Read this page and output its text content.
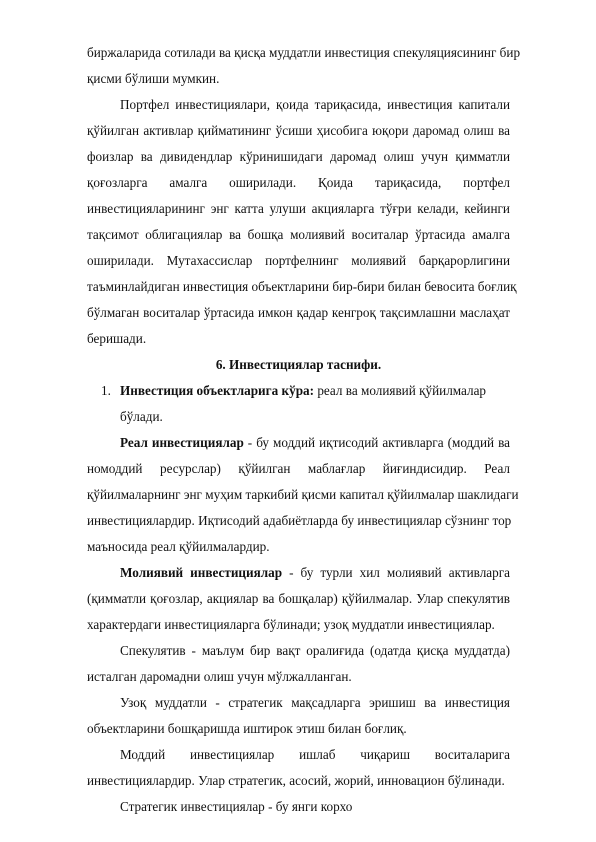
биржаларида сотилади ва қисқа муддатли инвестиция спекуляциясининг бир
қисми бўлиши мумкин.
Портфел инвестициялари, қоида тариқасида, инвестиция капитали
қўйилган активлар қийматининг ўсиши ҳисобига юқори даромад олиш ва
фоизлар ва дивидендлар кўринишидаги даромад олиш учун қимматли
қоғозларга амалга оширилади. Қоида тариқасида, портфел
инвестицияларининг энг катта улуши акцияларга тўғри келади, кейинги
тақсимот облигациялар ва бошқа молиявий воситалар ўртасида амалга
оширилади. Мутахассислар портфелнинг молиявий барқарорлигини
таъминлайдиган инвестиция объектларини бир-бири билан бевосита боғлиқ
бўлмаган воситалар ўртасида имкон қадар кенгроқ тақсимлашни маслаҳат
беришади.
6. Инвестициялар таснифи.
1. Инвестиция объектларига кўра: реал ва молиявий қўйилмалар
бўлади.
Реал инвестициялар - бу моддий иқтисодий активларга (моддий ва
номоддий ресурслар) қўйилган маблағлар йиғиндисидир. Реал
қўйилмаларнинг энг муҳим таркибий қисми капитал қўйилмалар шаклидаги
инвестициялардир. Иқтисодий адабиётларда бу инвестициялар сўзнинг тор
маъносида реал қўйилмалардир.
Молиявий инвестициялар - бу турли хил молиявий активларга
(қимматли қоғозлар, акциялар ва бошқалар) қўйилмалар. Улар спекулятив
характердаги инвестицияларга бўлинади; узоқ муддатли инвестициялар.
Спекулятив - маълум бир вақт оралиғида (одатда қисқа муддатда)
исталган даромадни олиш учун мўлжалланган.
Узоқ муддатли - стратегик мақсадларга эришиш ва инвестиция
объектларини бошқаришда иштирок этиш билан боғлиқ.
Моддий инвестициялар ишлаб чиқариш воситаларига
инвестициялардир. Улар стратегик, асосий, жорий, инновацион бўлинади.
Стратегик инвестициялар - бу янги корхо
